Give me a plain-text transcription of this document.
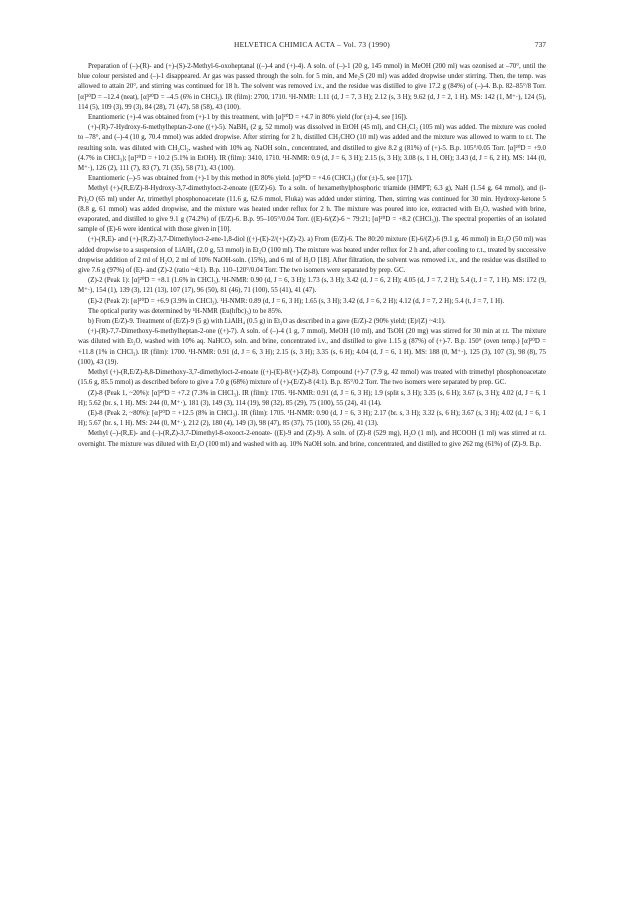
HELVETICA CHIMICA ACTA – Vol. 73 (1990)	737

Preparation of (–)-(R)- and (+)-(S)-2-Methyl-6-oxoheptanal ((–)-4 and (+)-4). A soln. of (–)-1 (20 g, 145 mmol) in MeOH (200 ml) was ozonised at –70°, until the blue colour persisted and (–)-1 disappeared. Ar gas was passed through the soln. for 5 min, and Me₂S (20 ml) was added dropwise under stirring. Then, the temp. was allowed to attain 20°, and stirring was continued for 18 h. The solvent was removed i.v., and the residue was distilled to give 17.2 g (84%) of (–)-4. B.p. 82–85°/8 Torr. [α]²⁰D = –12.4 (neat), [α]²⁰D = –4.5 (6% in CHCl₃). IR (film): 2700, 1710. ¹H-NMR: 1.11 (d, J = 7, 3 H); 2.12 (s, 3 H); 9.62 (d, J = 2, 1 H). MS: 142 (1, M⁺·), 124 (5), 114 (5), 109 (3), 99 (3), 84 (28), 71 (47), 58 (58), 43 (100).

Enantiomeric (+)-4 was obtained from (+)-1 by this treatment, with [α]²⁰D = +4.7 in 80% yield (for (±)-4, see [16]).

(+)-(R)-7-Hydroxy-6-methylheptan-2-one ((+)-5). NaBH₄ (2 g, 52 mmol) was dissolved in EtOH (45 ml), and CH₂Cl₂ (105 ml) was added. The mixture was cooled to –78°, and (–)-4 (10 g, 70.4 mmol) was added dropwise. After stirring for 2 h, distilled CH₃CHO (10 ml) was added and the mixture was allowed to warm to r.t. The resulting soln. was diluted with CH₂Cl₂, washed with 10% aq. NaOH soln., concentrated, and distilled to give 8.2 g (81%) of (+)-5. B.p. 105°/0.05 Torr. [α]²⁰D = +9.0 (4.7% in CHCl₃); [α]²⁰D = +10.2 (5.1% in EtOH). IR (film): 3410, 1710. ¹H-NMR: 0.9 (d, J = 6, 3 H); 2.15 (s, 3 H); 3.08 (s, 1 H, OH); 3.43 (d, J = 6, 2 H). MS: 144 (0, M⁺·), 126 (2), 111 (7), 83 (7), 71 (35), 58 (71), 43 (100).

Enantiomeric (–)-5 was obtained from (+)-1 by this method in 80% yield. [α]²⁰D = +4.6 (CHCl₃) (for (±)-5, see [17]).

Methyl (+)-(R,E/Z)-8-Hydroxy-3,7-dimethyloct-2-enoate ((E/Z)-6). To a soln. of hexamethylphosphoric triamide (HMPT; 6.3 g), NaH (1.54 g, 64 mmol), and (i-Pr)₂O (65 ml) under Ar, trimethyl phosphonoacetate (11.6 g, 62.6 mmol, Fluka) was added under stirring. Then, stirring was continued for 30 min. Hydroxy-ketone 5 (8.8 g, 61 mmol) was added dropwise, and the mixture was heated under reflux for 2 h. The mixture was poured into ice, extracted with Et₂O, washed with brine, evaporated, and distilled to give 9.1 g (74.2%) of (E/Z)-6. B.p. 95–105°/0.04 Torr. ((E)-6/(Z)-6 ~ 79:21; [α]²⁰D = +8.2 (CHCl₃)). The spectral properties of an isolated sample of (E)-6 were identical with those given in [10].

(+)-(R,E)- and (+)-(R,Z)-3,7-Dimethyloct-2-ene-1,8-diol ((+)-(E)-2/(+)-(Z)-2). a) From (E/Z)-6. The 80:20 mixture (E)-6/(Z)-6 (9.1 g, 46 mmol) in Et₂O (50 ml) was added dropwise to a suspension of LiAlH₄ (2.0 g, 53 mmol) in Et₂O (100 ml). The mixture was heated under reflux for 2 h and, after cooling to r.t., treated by successive dropwise addition of 2 ml of H₂O, 2 ml of 10% NaOH-soln. (15%), and 6 ml of H₂O [18]. After filtration, the solvent was removed i.v., and the residue was distilled to give 7.6 g (97%) of (E)- and (Z)-2 (ratio ~4:1). B.p. 110–120°/0.04 Torr. The two isomers were separated by prep. GC.

(Z)-2 (Peak 1): [α]²⁰D = +8.1 (1.6% in CHCl₃). ¹H-NMR: 0.90 (d, J = 6, 3 H); 1.73 (s, 3 H); 3.42 (d, J = 6, 2 H); 4.05 (d, J = 7, 2 H); 5.4 (t, J = 7, 1 H). MS: 172 (9, M⁺·), 154 (1), 139 (3), 121 (13), 107 (17), 96 (50), 81 (46), 71 (100), 55 (41), 41 (47).

(E)-2 (Peak 2): [α]²⁰D = +6.9 (3.9% in CHCl₃). ¹H-NMR: 0.89 (d, J = 6, 3 H); 1.65 (s, 3 H); 3.42 (d, J = 6, 2 H); 4.12 (d, J = 7, 2 H); 5.4 (t, J = 7, 1 H).

The optical purity was determined by ¹H-NMR (Eu(hfbc)₃) to be 85%.

b) From (E/Z)-9. Treatment of (E/Z)-9 (5 g) with LiAlH₄ (0.5 g) in Et₂O as described in a gave (E/Z)-2 (90% yield; (E)/(Z) ~4:1).

(+)-(R)-7,7-Dimethoxy-6-methylheptan-2-one ((+)-7). A soln. of (–)-4 (1 g, 7 mmol), MeOH (10 ml), and TsOH (20 mg) was stirred for 30 min at r.t. The mixture was diluted with Et₂O, washed with 10% aq. NaHCO₃ soln. and brine, concentrated i.v., and distilled to give 1.15 g (87%) of (+)-7. B.p. 150° (oven temp.) [α]²⁰D = +11.8 (1% in CHCl₃). IR (film): 1700. ¹H-NMR: 0.91 (d, J = 6, 3 H); 2.15 (s, 3 H); 3.35 (s, 6 H); 4.04 (d, J = 6, 1 H). MS: 188 (0, M⁺·), 125 (3), 107 (3), 98 (8), 75 (100), 43 (19).

Methyl (+)-(R,E/Z)-8,8-Dimethoxy-3,7-dimethyloct-2-enoate ((+)-(E)-8/(+)-(Z)-8). Compound (+)-7 (7.9 g, 42 mmol) was treated with trimethyl phosphonoacetate (15.6 g, 85.5 mmol) as described before to give a 7.0 g (68%) mixture of (+)-(E/Z)-8 (4:1). B.p. 85°/0.2 Torr. The two isomers were separated by prep. GC.

(Z)-8 (Peak 1, ~20%): [α]²⁰D = +7.2 (7.3% in CHCl₃). IR (film): 1705. ¹H-NMR: 0.91 (d, J = 6, 3 H); 1.9 (split s, 3 H); 3.35 (s, 6 H); 3.67 (s, 3 H); 4.02 (d, J = 6, 1 H); 5.62 (br. s, 1 H). MS: 244 (0, M⁺·), 181 (3), 149 (3), 114 (19), 98 (32), 85 (29), 75 (100), 55 (24), 41 (14).

(E)-8 (Peak 2, ~80%): [α]²⁰D = +12.5 (8% in CHCl₃). IR (film): 1705. ¹H-NMR: 0.90 (d, J = 6, 3 H); 2.17 (br. s, 3 H); 3.32 (s, 6 H); 3.67 (s, 3 H); 4.02 (d, J = 6, 1 H); 5.67 (br. s, 1 H). MS: 244 (0, M⁺·), 212 (2), 180 (4), 149 (3), 98 (47), 85 (37), 75 (100), 55 (26), 41 (13).

Methyl (–)-(R,E)- and (–)-(R,Z)-3,7-Dimethyl-8-oxooct-2-enoate- ((E)-9 and (Z)-9). A soln. of (Z)-8 (529 mg), H₂O (1 ml), and HCOOH (1 ml) was stirred at r.t. overnight. The mixture was diluted with Et₂O (100 ml) and washed with aq. 10% NaOH soln. and brine, concentrated, and distilled to give 262 mg (61%) of (Z)-9. B.p.
